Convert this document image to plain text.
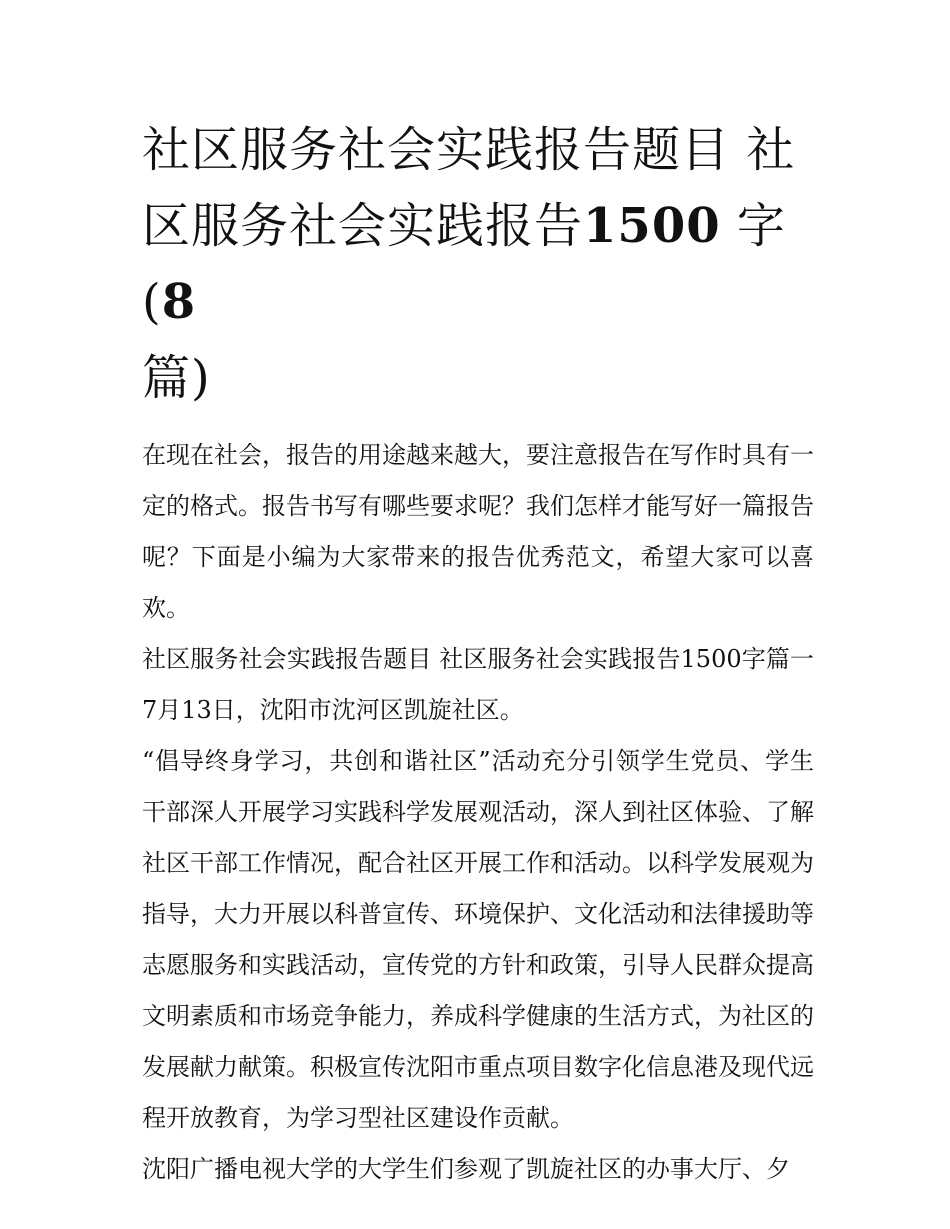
社区服务社会实践报告题目 社区服务社会实践报告1500 字(8
篇)

在现在社会，报告的用途越来越大，要注意报告在写作时具有一定的格式。报告书写有哪些要求呢？我们怎样才能写好一篇报告呢？下面是小编为大家带来的报告优秀范文，希望大家可以喜欢。

社区服务社会实践报告题目 社区服务社会实践报告1500字篇一 7月13日，沈阳市沈河区凯旋社区。

“倡导终身学习，共创和谐社区”活动充分引领学生党员、学生干部深人开展学习实践科学发展观活动，深人到社区体验、了解社区干部工作情况，配合社区开展工作和活动。以科学发展观为指导，大力开展以科普宣传、环境保护、文化活动和法律援助等志愿服务和实践活动，宣传党的方针和政策，引导人民群众提高文明素质和市场竞争能力，养成科学健康的生活方式，为社区的发展献力献策。积极宣传沈阳市重点项目数字化信息港及现代远程开放教育，为学习型社区建设作贡献。

沈阳广播电视大学的大学生们参观了凯旋社区的办事大厅、夕
